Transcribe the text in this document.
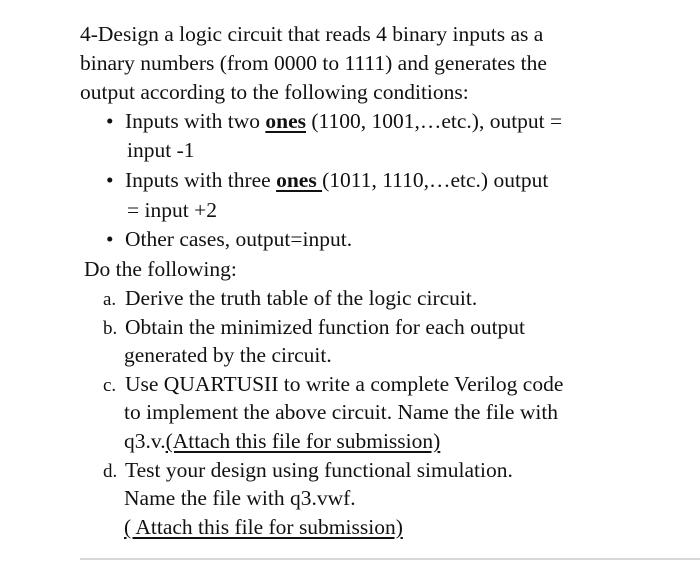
4-Design a logic circuit that reads 4 binary inputs as a
binary numbers (from 0000 to 1111) and generates the
output according to the following conditions:
• Inputs with two ones (1100, 1001,…etc.), output =
input -1
• Inputs with three ones (1011, 1110,…etc.) output
= input +2
• Other cases, output=input.
Do the following:
a. Derive the truth table of the logic circuit.
b. Obtain the minimized function for each output
generated by the circuit.
c. Use QUARTUSII to write a complete Verilog code
to implement the above circuit. Name the file with
q3.v.(Attach this file for submission)
d. Test your design using functional simulation.
Name the file with q3.vwf.
( Attach this file for submission)
